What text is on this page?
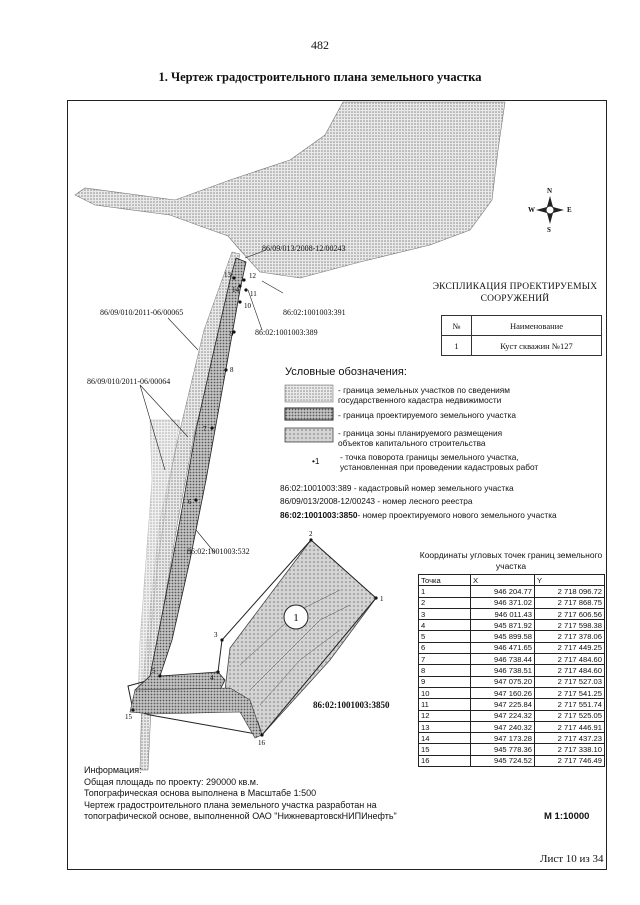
482
1. Чертеж градостроительного плана земельного участка
1
1
2
3
4
5
6
7
8
9
10
11
12
13
14
15
16
N
S
E
W
86/09/013/2008-12/00243
86:02:1001003:391
86:02:1001003:389
86/09/010/2011-06/00065
86/09/010/2011-06/00064
86:02:1001003:532
86:02:1001003:3850
ЭКСПЛИКАЦИЯ ПРОЕКТИРУЕМЫХ СООРУЖЕНИЙ
№	Наименование
1	Куст скважин №127
Условные обозначения:
- граница земельных участков по сведениям государственного кадастра недвижимости
- граница проектируемого земельного участка
- граница зоны планируемого размещения объектов капитального строительства
•1 - точка поворота границы земельного участка, установленная при проведении кадастровых работ
86:02:1001003:389 - кадастровый номер земельного участка
86/09/013/2008-12/00243 - номер лесного реестра
86:02:1001003:3850- номер проектируемого нового земельного участка
Координаты угловых точек границ земельного участка
Точка	X	Y
1	946 204.77	2 718 096.72
2	946 371.02	2 717 868.75
3	946 011.43	2 717 606.56
4	945 871.92	2 717 598.38
5	945 899.58	2 717 378.06
6	946 471.65	2 717 449.25
7	946 738.44	2 717 484.60
8	946 738.51	2 717 484.60
9	947 075.20	2 717 527.03
10	947 160.26	2 717 541.25
11	947 225.84	2 717 551.74
12	947 224.32	2 717 525.05
13	947 240.32	2 717 446.91
14	947 173.28	2 717 437.23
15	945 778.36	2 717 338.10
16	945 724.52	2 717 746.49
Информация:
Общая площадь по проекту: 290000 кв.м.
Топографическая основа выполнена в Масштабе 1:500
Чертеж градостроительного плана земельного участка разработан на
топографической основе, выполненной ОАО "НижневартовскНИПИнефть"	М 1:10000
Лист 10 из 34
